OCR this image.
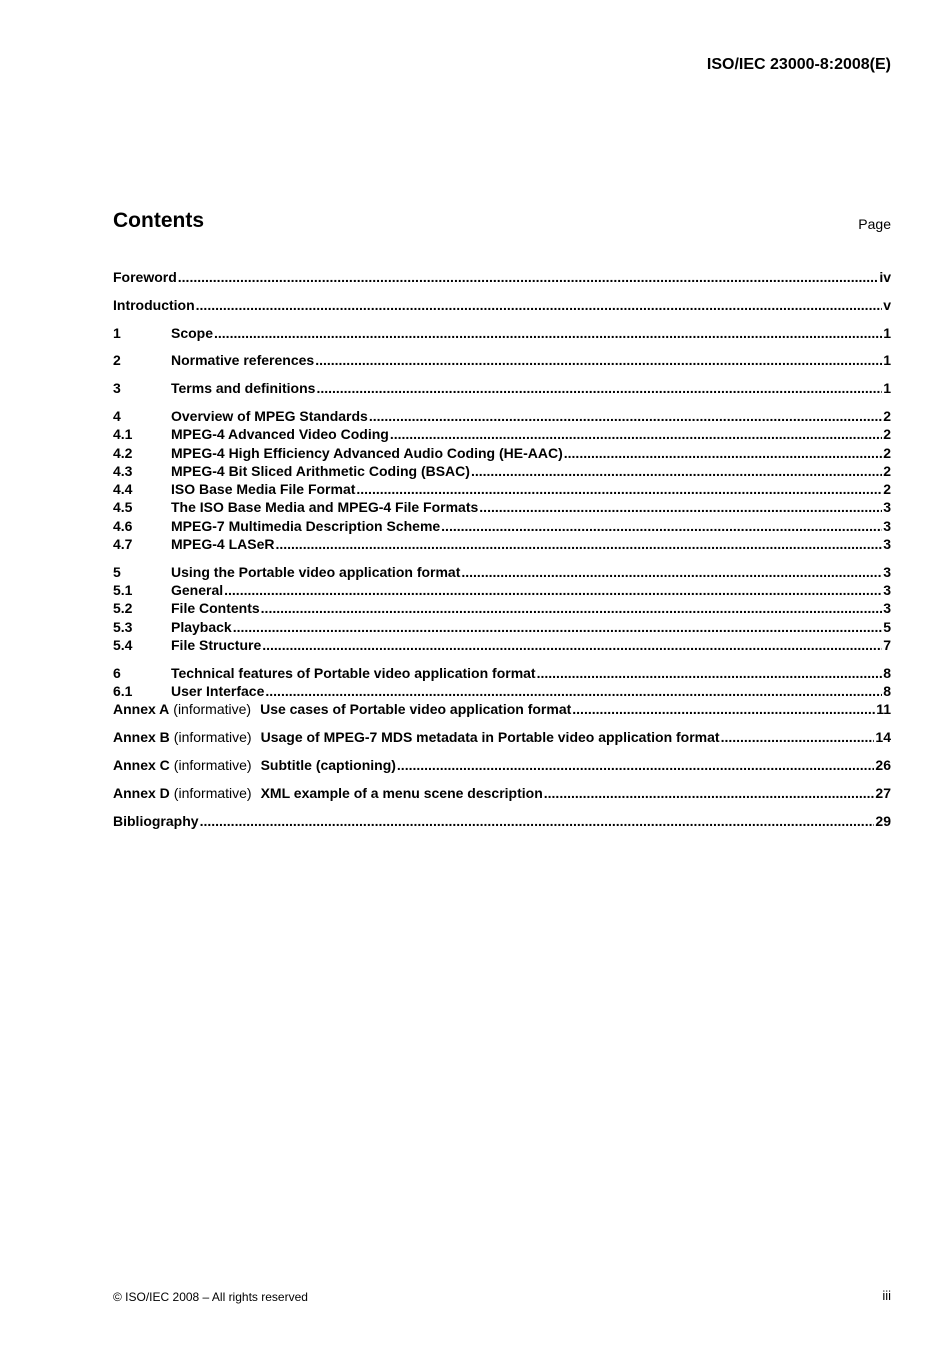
ISO/IEC 23000-8:2008(E)
Contents	Page
Foreword .....	iv
Introduction .....	v
1	Scope .....	1
2	Normative references .....	1
3	Terms and definitions .....	1
4	Overview of MPEG Standards .....	2
4.1	MPEG-4 Advanced Video Coding .....	2
4.2	MPEG-4 High Efficiency Advanced Audio Coding (HE-AAC) .....	2
4.3	MPEG-4 Bit Sliced Arithmetic Coding (BSAC) .....	2
4.4	ISO Base Media File Format .....	2
4.5	The ISO Base Media and MPEG-4 File Formats .....	3
4.6	MPEG-7 Multimedia Description Scheme .....	3
4.7	MPEG-4 LASeR .....	3
5	Using the Portable video application format .....	3
5.1	General .....	3
5.2	File Contents .....	3
5.3	Playback .....	5
5.4	File Structure .....	7
6	Technical features of Portable video application format .....	8
6.1	User Interface .....	8
Annex A (informative) Use cases of Portable video application format .....	11
Annex B (informative) Usage of MPEG-7 MDS metadata in Portable video application format .....	14
Annex C (informative) Subtitle (captioning) .....	26
Annex D (informative) XML example of a menu scene description .....	27
Bibliography .....	29
© ISO/IEC 2008 – All rights reserved	iii
